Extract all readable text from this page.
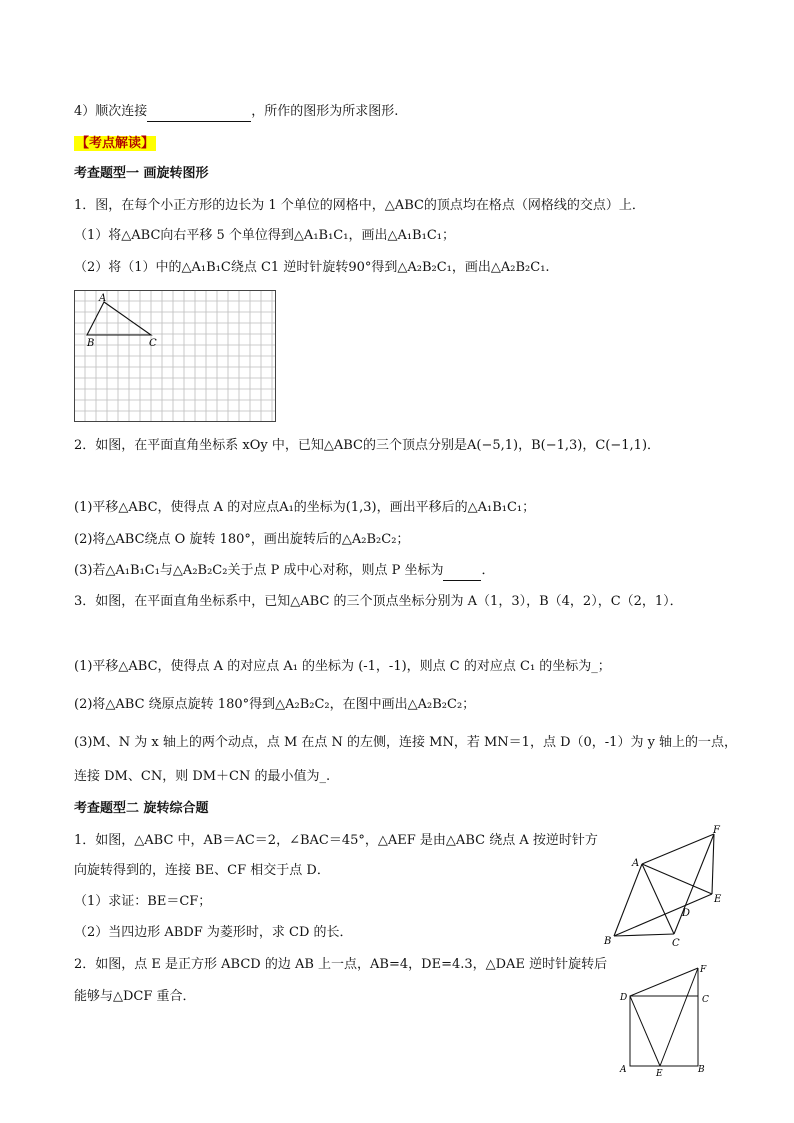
4）顺次连接	，所作的图形为所求图形.
【考点解读】
考查题型一 画旋转图形
1．图，在每个小正方形的边长为 1 个单位的网格中，△ABC的顶点均在格点（网格线的交点）上．
（1）将△ABC向右平移 5 个单位得到△A₁B₁C₁，画出△A₁B₁C₁；
（2）将（1）中的△A₁B₁C绕点 C1 逆时针旋转90°得到△A₂B₂C₁，画出△A₂B₂C₁.
A
B	C
2．如图，在平面直角坐标系 xOy 中，已知△ABC的三个顶点分别是A(−5,1)，B(−1,3)，C(−1,1)．
(1)平移△ABC，使得点 A 的对应点A₁的坐标为(1,3)，画出平移后的△A₁B₁C₁；
(2)将△ABC绕点 O 旋转 180°，画出旋转后的△A₂B₂C₂；
(3)若△A₁B₁C₁与△A₂B₂C₂关于点 P 成中心对称，则点 P 坐标为	．
3．如图，在平面直角坐标系中，已知△ABC 的三个顶点坐标分别为 A（1，3），B（4，2），C（2，1）．
(1)平移△ABC，使得点 A 的对应点 A₁ 的坐标为 (-1，-1)，则点 C 的对应点 C₁ 的坐标为_；
(2)将△ABC 绕原点旋转 180°得到△A₂B₂C₂，在图中画出△A₂B₂C₂；
(3)M、N 为 x 轴上的两个动点，点 M 在点 N 的左侧，连接 MN，若 MN＝1，点 D（0，-1）为 y 轴上的一点，
连接 DM、CN，则 DM＋CN 的最小值为_.
考查题型二 旋转综合题
1．如图，△ABC 中，AB＝AC＝2，∠BAC＝45°，△AEF 是由△ABC 绕点 A 按逆时针方
向旋转得到的，连接 BE、CF 相交于点 D．
（1）求证：BE＝CF；
（2）当四边形 ABDF 为菱形时，求 CD 的长．
2．如图，点 E 是正方形 ABCD 的边 AB 上一点，AB=4，DE=4.3，△DAE 逆时针旋转后
能够与△DCF 重合．
A
B	C
D
E
F
D	C
A	E	B
F
